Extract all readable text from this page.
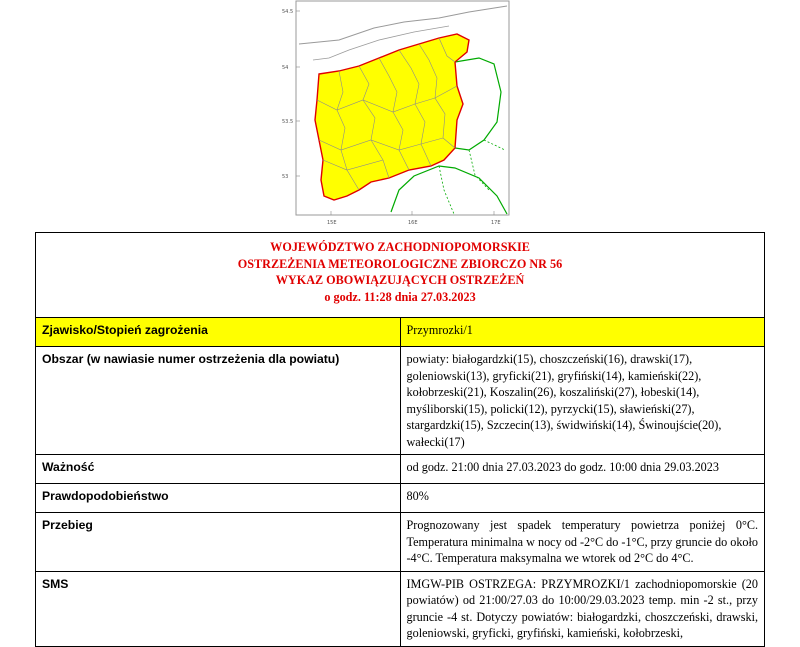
54.5
54
53.5
53
15E	16E	17E
WOJEWÓDZTWO ZACHODNIOPOMORSKIE
OSTRZEŻENIA METEOROLOGICZNE ZBIORCZO NR 56
WYKAZ OBOWIĄZUJĄCYCH OSTRZEŻEŃ
o godz. 11:28 dnia 27.03.2023	

Zjawisko/Stopień zagrożenia	Przymrozki/1
Obszar (w nawiasie numer ostrzeżenia dla powiatu)	powiaty: białogardzki(15), choszczeński(16), drawski(17), goleniowski(13), gryficki(21), gryfiński(14), kamieński(22), kołobrzeski(21), Koszalin(26), koszaliński(27), łobeski(14), myśliborski(15), policki(12), pyrzycki(15), sławieński(27), stargardzki(15), Szczecin(13), świdwiński(14), Świnoujście(20), wałecki(17)
Ważność	od godz. 21:00 dnia 27.03.2023 do godz. 10:00 dnia 29.03.2023
Prawdopodobieństwo	80%
Przebieg	Prognozowany jest spadek temperatury powietrza poniżej 0°C. Temperatura minimalna w nocy od -2°C do -1°C, przy gruncie do około -4°C. Temperatura maksymalna we wtorek od 2°C do 4°C.
SMS	IMGW-PIB OSTRZEGA: PRZYMROZKI/1 zachodniopomorskie (20 powiatów) od 21:00/27.03 do 10:00/29.03.2023 temp. min -2 st., przy gruncie -4 st. Dotyczy powiatów: białogardzki, choszczeński, drawski, goleniowski, gryficki, gryfiński, kamieński, kołobrzeski,
